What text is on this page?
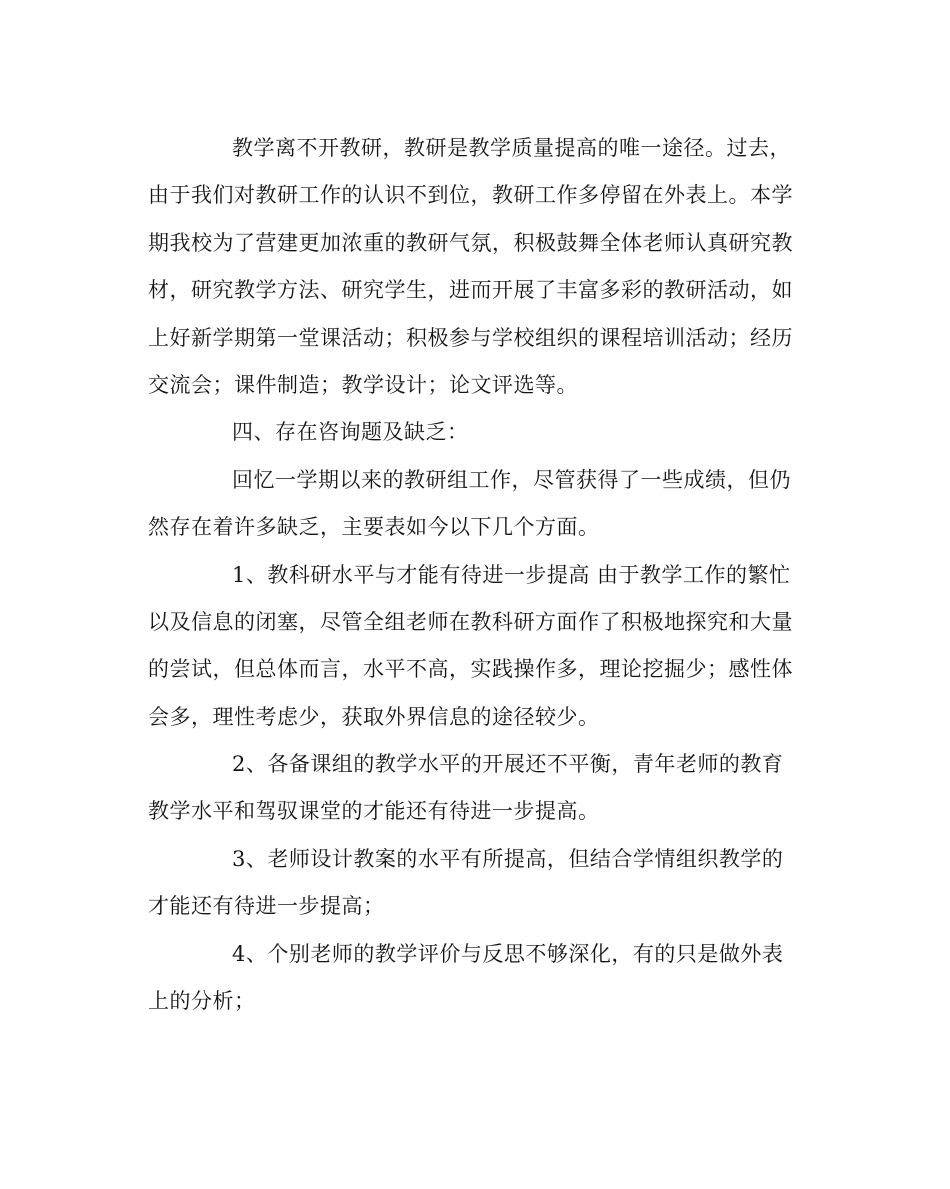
教学离不开教研，教研是教学质量提高的唯一途径。过去，
由于我们对教研工作的认识不到位，教研工作多停留在外表上。本学
期我校为了营建更加浓重的教研气氛，积极鼓舞全体老师认真研究教
材，研究教学方法、研究学生，进而开展了丰富多彩的教研活动，如
上好新学期第一堂课活动；积极参与学校组织的课程培训活动；经历
交流会；课件制造；教学设计；论文评选等。
四、存在咨询题及缺乏：
回忆一学期以来的教研组工作，尽管获得了一些成绩，但仍
然存在着许多缺乏，主要表如今以下几个方面。
1、教科研水平与才能有待进一步提高 由于教学工作的繁忙
以及信息的闭塞，尽管全组老师在教科研方面作了积极地探究和大量
的尝试，但总体而言，水平不高，实践操作多，理论挖掘少；感性体
会多，理性考虑少，获取外界信息的途径较少。
2、各备课组的教学水平的开展还不平衡，青年老师的教育
教学水平和驾驭课堂的才能还有待进一步提高。
3、老师设计教案的水平有所提高，但结合学情组织教学的
才能还有待进一步提高；
4、个别老师的教学评价与反思不够深化，有的只是做外表
上的分析；
